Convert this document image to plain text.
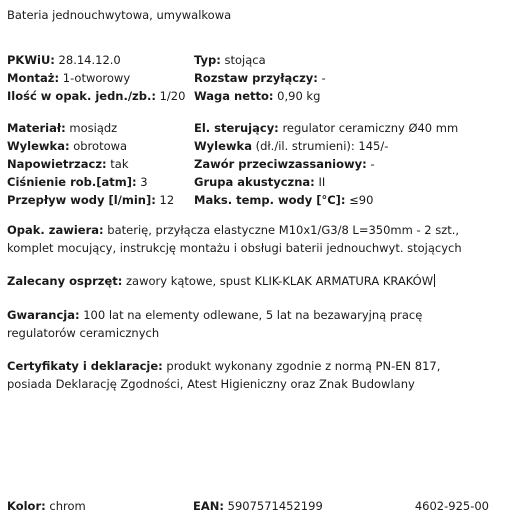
Bateria jednouchwytowa, umywalkowa
PKWiU: 28.14.12.0	Typ: stojąca
Montaż: 1-otworowy	Rozstaw przyłączy: -
Ilość w opak. jedn./zb.: 1/20 Waga netto: 0,90 kg
Materiał: mosiądz	El. sterujący: regulator ceramiczny Ø40 mm
Wylewka: obrotowa	Wylewka (dł./il. strumieni): 145/-
Napowietrzacz: tak	Zawór przeciwzassaniowy: -
Ciśnienie rob.[atm]: 3	Grupa akustyczna: II
Przepływ wody [l/min]: 12 Maks. temp. wody [°C]: ≤90
Opak. zawiera: baterię, przyłącza elastyczne M10x1/G3/8 L=350mm - 2 szt.,
komplet mocujący, instrukcję montażu i obsługi baterii jednouchwyt. stojących
Zalecany osprzęt: zawory kątowe, spust KLIK-KLAK ARMATURA KRAKÓW
Gwarancja: 100 lat na elementy odlewane, 5 lat na bezawaryjną pracę
regulatorów ceramicznych
Certyfikaty i deklaracje: produkt wykonany zgodnie z normą PN-EN 817,
posiada Deklarację Zgodności, Atest Higieniczny oraz Znak Budowlany
Kolor: chrom	EAN: 5907571452199	4602-925-00
